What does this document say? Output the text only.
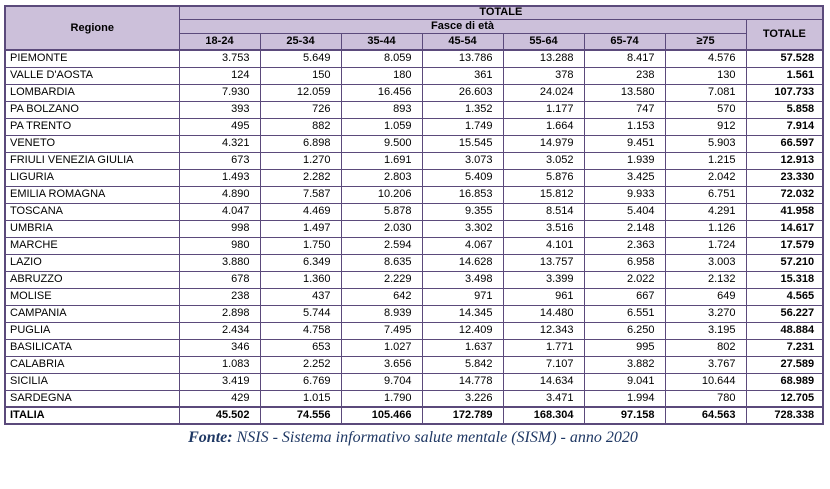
Regione	TOTALE							
	Fasce di età							TOTALE
	18-24	25-34	35-44	45-54	55-64	65-74	≥75	
PIEMONTE	3.753	5.649	8.059	13.786	13.288	8.417	4.576	57.528
VALLE D'AOSTA	124	150	180	361	378	238	130	1.561
LOMBARDIA	7.930	12.059	16.456	26.603	24.024	13.580	7.081	107.733
PA BOLZANO	393	726	893	1.352	1.177	747	570	5.858
PA TRENTO	495	882	1.059	1.749	1.664	1.153	912	7.914
VENETO	4.321	6.898	9.500	15.545	14.979	9.451	5.903	66.597
FRIULI VENEZIA GIULIA	673	1.270	1.691	3.073	3.052	1.939	1.215	12.913
LIGURIA	1.493	2.282	2.803	5.409	5.876	3.425	2.042	23.330
EMILIA ROMAGNA	4.890	7.587	10.206	16.853	15.812	9.933	6.751	72.032
TOSCANA	4.047	4.469	5.878	9.355	8.514	5.404	4.291	41.958
UMBRIA	998	1.497	2.030	3.302	3.516	2.148	1.126	14.617
MARCHE	980	1.750	2.594	4.067	4.101	2.363	1.724	17.579
LAZIO	3.880	6.349	8.635	14.628	13.757	6.958	3.003	57.210
ABRUZZO	678	1.360	2.229	3.498	3.399	2.022	2.132	15.318
MOLISE	238	437	642	971	961	667	649	4.565
CAMPANIA	2.898	5.744	8.939	14.345	14.480	6.551	3.270	56.227
PUGLIA	2.434	4.758	7.495	12.409	12.343	6.250	3.195	48.884
BASILICATA	346	653	1.027	1.637	1.771	995	802	7.231
CALABRIA	1.083	2.252	3.656	5.842	7.107	3.882	3.767	27.589
SICILIA	3.419	6.769	9.704	14.778	14.634	9.041	10.644	68.989
SARDEGNA	429	1.015	1.790	3.226	3.471	1.994	780	12.705
ITALIA	45.502	74.556	105.466	172.789	168.304	97.158	64.563	728.338
Fonte: NSIS - Sistema informativo salute mentale (SISM) - anno 2020
